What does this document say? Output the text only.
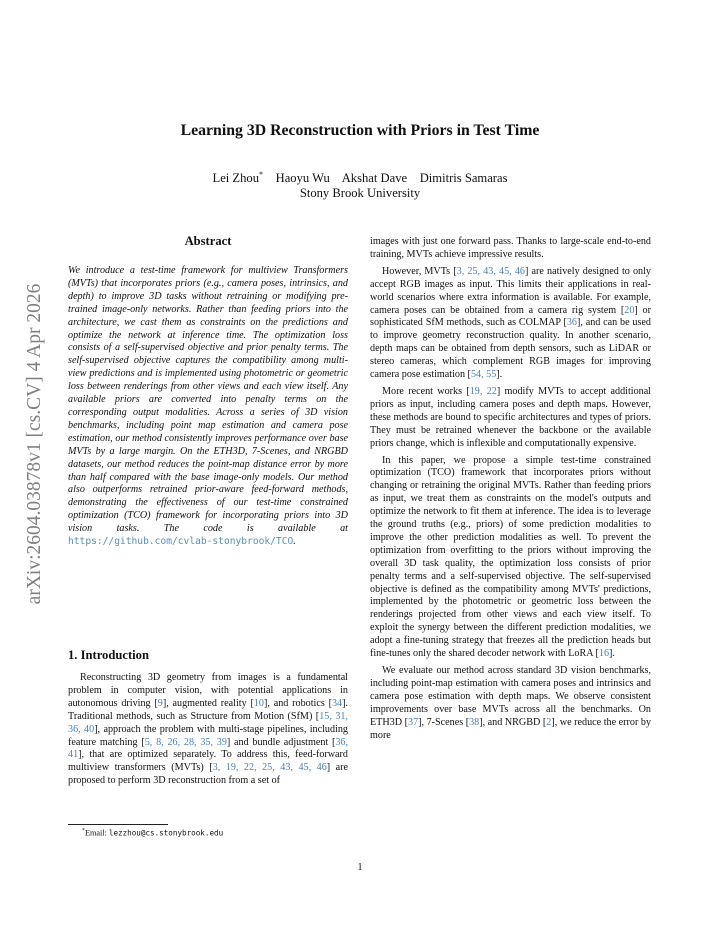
Learning 3D Reconstruction with Priors in Test Time
Lei Zhou* Haoyu Wu Akshat Dave Dimitris Samaras
Stony Brook University
arXiv:2604.03878v1 [cs.CV] 4 Apr 2026
Abstract
We introduce a test-time framework for multiview Transformers (MVTs) that incorporates priors (e.g., camera poses, intrinsics, and depth) to improve 3D tasks without retraining or modifying pre-trained image-only networks. Rather than feeding priors into the architecture, we cast them as constraints on the predictions and optimize the network at inference time. The optimization loss consists of a self-supervised objective and prior penalty terms. The self-supervised objective captures the compatibility among multi-view predictions and is implemented using photometric or geometric loss between renderings from other views and each view itself. Any available priors are converted into penalty terms on the corresponding output modalities. Across a series of 3D vision benchmarks, including point map estimation and camera pose estimation, our method consistently improves performance over base MVTs by a large margin. On the ETH3D, 7-Scenes, and NRGBD datasets, our method reduces the point-map distance error by more than half compared with the base image-only models. Our method also outperforms retrained prior-aware feed-forward methods, demonstrating the effectiveness of our test-time constrained optimization (TCO) framework for incorporating priors into 3D vision tasks. The code is available at https://github.com/cvlab-stonybrook/TCO.
1. Introduction

Reconstructing 3D geometry from images is a fundamental problem in computer vision, with potential applications in autonomous driving [9], augmented reality [10], and robotics [34]. Traditional methods, such as Structure from Motion (SfM) [15, 31, 36, 40], approach the problem with multi-stage pipelines, including feature matching [5, 8, 26, 28, 35, 39] and bundle adjustment [36, 41], that are optimized separately. To address this, feed-forward multiview transformers (MVTs) [3, 19, 22, 25, 43, 45, 46] are proposed to perform 3D reconstruction from a set of

images with just one forward pass. Thanks to large-scale end-to-end training, MVTs achieve impressive results.

However, MVTs [3, 25, 43, 45, 46] are natively designed to only accept RGB images as input. This limits their applications in real-world scenarios where extra information is available. For example, camera poses can be obtained from a camera rig system [20] or sophisticated SfM methods, such as COLMAP [36], and can be used to improve geometry reconstruction quality. In another scenario, depth maps can be obtained from depth sensors, such as LiDAR or stereo cameras, which complement RGB images for improving camera pose estimation [54, 55].

More recent works [19, 22] modify MVTs to accept additional priors as input, including camera poses and depth maps. However, these methods are bound to specific architectures and types of priors. They must be retrained whenever the backbone or the available priors change, which is inflexible and computationally expensive.

In this paper, we propose a simple test-time constrained optimization (TCO) framework that incorporates priors without changing or retraining the original MVTs. Rather than feeding priors as input, we treat them as constraints on the model's outputs and optimize the network to fit them at inference. The idea is to leverage the ground truths (e.g., priors) of some prediction modalities to improve the other prediction modalities as well. To prevent the optimization from overfitting to the priors without improving the overall 3D task quality, the optimization loss consists of prior penalty terms and a self-supervised objective. The self-supervised objective is defined as the compatibility among MVTs' predictions, implemented by the photometric or geometric loss between the renderings projected from other views and each view itself. To exploit the synergy between the different prediction modalities, we adopt a fine-tuning strategy that freezes all the prediction heads but fine-tunes only the shared decoder network with LoRA [16].

We evaluate our method across standard 3D vision benchmarks, including point-map estimation with camera poses and intrinsics and camera pose estimation with depth maps. We observe consistent improvements over base MVTs across all the benchmarks. On ETH3D [37], 7-Scenes [38], and NRGBD [2], we reduce the error by more

*Email: lezzhou@cs.stonybrook.edu
1
